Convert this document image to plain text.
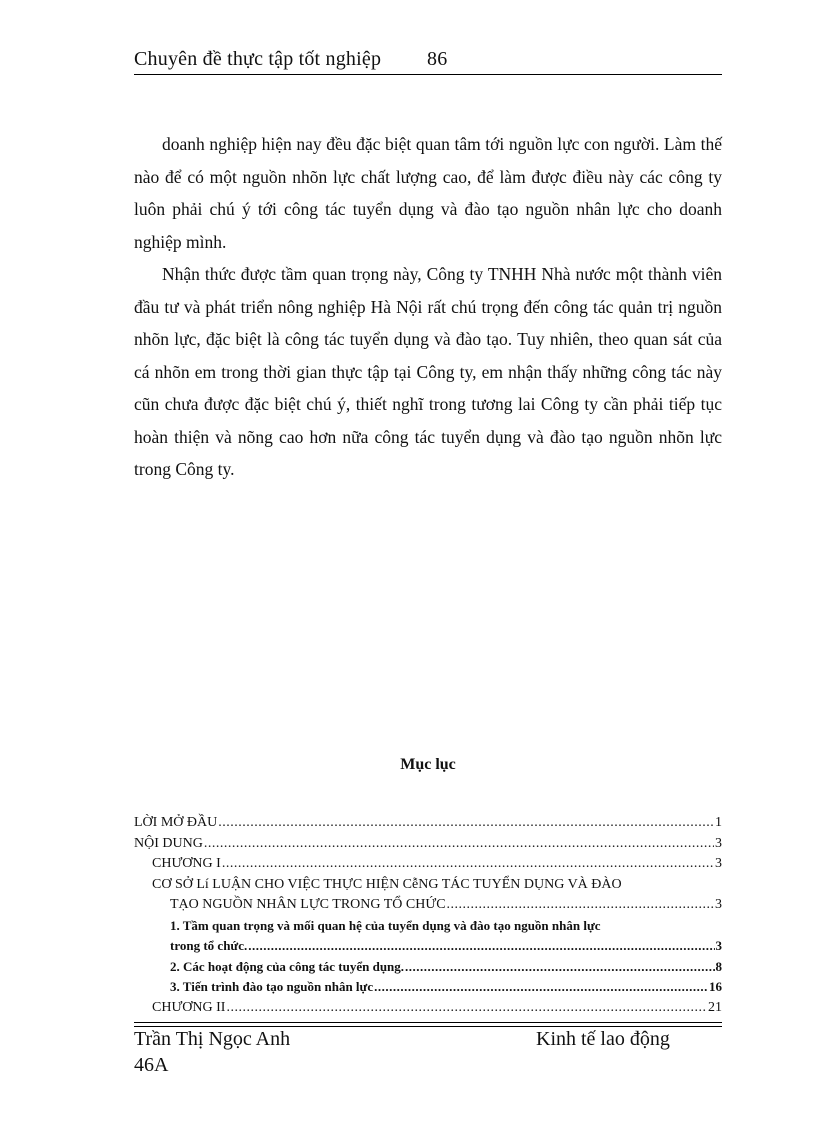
Chuyên đề thực tập tốt nghiệp 86

doanh nghiệp hiện nay đều đặc biệt quan tâm tới nguồn lực con người. Làm thế nào để có một nguồn nhõn lực chất lượng cao, để làm được điều này các công ty luôn phải chú ý tới công tác tuyển dụng và đào tạo nguồn nhân lực cho doanh nghiệp mình.

Nhận thức được tầm quan trọng này, Công ty TNHH Nhà nước một thành viên đầu tư và phát triển nông nghiệp Hà Nội rất chú trọng đến công tác quản trị nguồn nhõn lực, đặc biệt là công tác tuyển dụng và đào tạo. Tuy nhiên, theo quan sát của cá nhõn em trong thời gian thực tập tại Công ty, em nhận thấy những công tác này cũn chưa được đặc biệt chú ý, thiết nghĩ trong tương lai Công ty cần phải tiếp tục hoàn thiện và nõng cao hơn nữa công tác tuyển dụng và đào tạo nguồn nhõn lực trong Công ty.

Mục lục
LỜI MỞ ĐẦU .....	1
NỘI DUNG .....	3
CHƯƠNG I .....	3
CƠ SỞ Lí LUẬN CHO VIỆC THỰC HIỆN CễNG TÁC TUYỂN DỤNG VÀ ĐÀO
TẠO NGUỒN NHÂN LỰC TRONG TỔ CHỨC .....	3
1. Tầm quan trọng và mối quan hệ của tuyển dụng và đào tạo nguồn nhân lực
trong tổ chức. .....	3
2. Các hoạt động của công tác tuyển dụng. .....	8
3. Tiến trình đào tạo nguồn nhân lực .....	16
CHƯƠNG II .....	21
Trần Thị Ngọc Anh	Kinh tế lao động
46A
